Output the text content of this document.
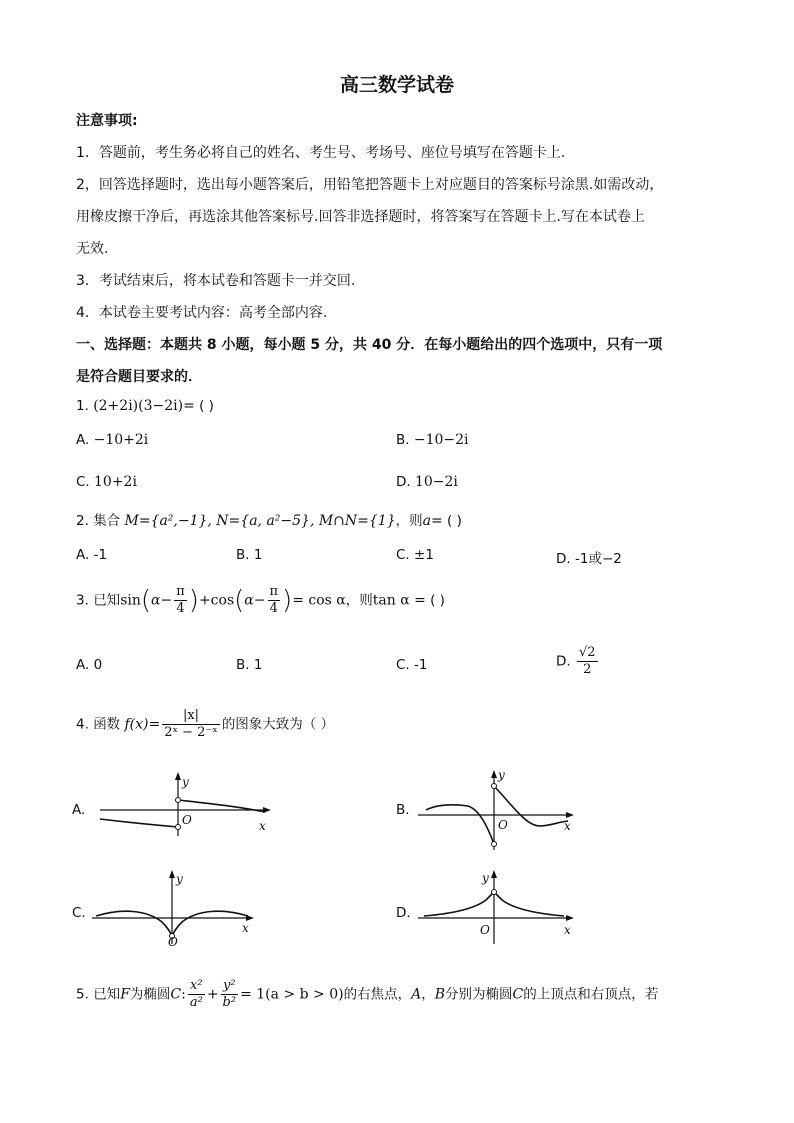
高三数学试卷
注意事项:
1．答题前，考生务必将自己的姓名、考生号、考场号、座位号填写在答题卡上.
2，回答选择题时，选出每小题答案后，用铅笔把答题卡上对应题目的答案标号涂黑.如需改动，
用橡皮擦干净后，再选涂其他答案标号.回答非选择题时，将答案写在答题卡上.写在本试卷上
无效.
3．考试结束后，将本试卷和答题卡一并交回.
4．本试卷主要考试内容：高考全部内容.
一、选择题：本题共 8 小题，每小题 5 分，共 40 分．在每小题给出的四个选项中，只有一项
是符合题目要求的．
1. (2+2i)(3−2i)= ( )
A. −10+2i	B. −10−2i
C. 10+2i	D. 10−2i
2. 集合 M={a²,−1}, N={a, a²−5}, M∩N={1}，则a= ( )
A. -1	B. 1	C. ±1	D. -1或−2
3. 已知$\sin(\alpha- \frac{\pi}{4} )+\cos(\alpha- \frac{\pi}{4}$ )= cos α，则tan α = ( )
A. 0	B. 1	C. -1	D. $\frac{√2}{2}$
4. 函数 $f(x)= \frac{|x|}{\text{2ˣ − 2⁻ˣ}}$ 的图象大致为（ ）
A.
y
O	x
B.
y
O	x
C.
y
O
x
D.
y
O	x
5. 已知F为椭圆C: $\frac{\text{x²}}{\text{a²}} + \frac{\text{y²}}{\text{b²}} = 1(a > b > 0)$的右焦点，A，B分别为椭圆C的上顶点和右顶点，若
